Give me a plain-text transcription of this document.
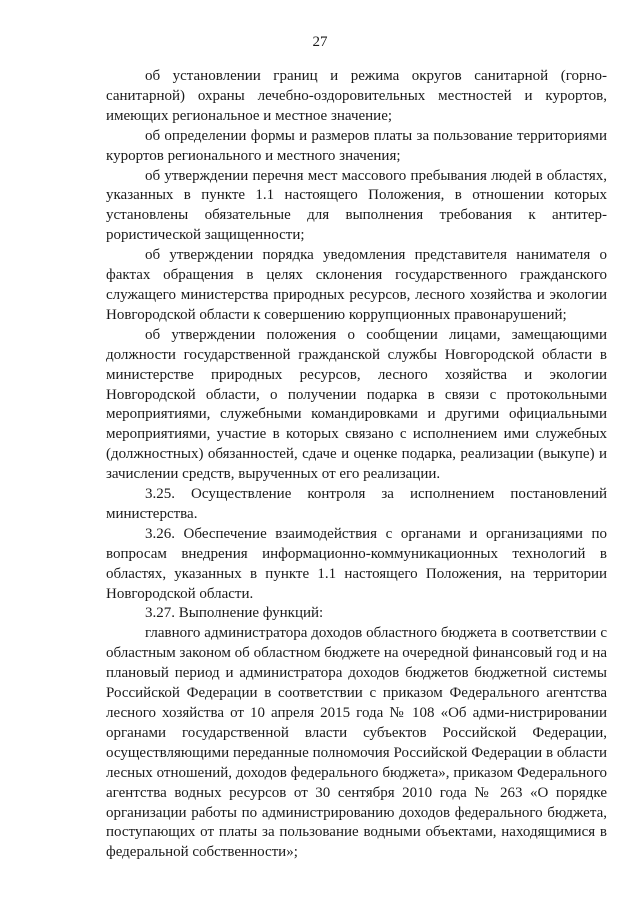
27

об установлении границ и режима округов санитарной (горно-санитарной) охраны лечебно-оздоровительных местностей и курортов, имеющих региональное и местное значение;

об определении формы и размеров платы за пользование территориями курортов регионального и местного значения;

об утверждении перечня мест массового пребывания людей в областях, указанных в пункте 1.1 настоящего Положения, в отношении которых установлены обязательные для выполнения требования к антитер-рористической защищенности;

об утверждении порядка уведомления представителя нанимателя о фактах обращения в целях склонения государственного гражданского служащего министерства природных ресурсов, лесного хозяйства и экологии Новгородской области к совершению коррупционных правонарушений;

об утверждении положения о сообщении лицами, замещающими должности государственной гражданской службы Новгородской области в министерстве природных ресурсов, лесного хозяйства и экологии Новгородской области, о получении подарка в связи с протокольными мероприятиями, служебными командировками и другими официальными мероприятиями, участие в которых связано с исполнением ими служебных (должностных) обязанностей, сдаче и оценке подарка, реализации (выкупе) и зачислении средств, вырученных от его реализации.

3.25. Осуществление контроля за исполнением постановлений министерства.

3.26. Обеспечение взаимодействия с органами и организациями по вопросам внедрения информационно-коммуникационных технологий в областях, указанных в пункте 1.1 настоящего Положения, на территории Новгородской области.

3.27. Выполнение функций:

главного администратора доходов областного бюджета в соответствии с областным законом об областном бюджете на очередной финансовый год и на плановый период и администратора доходов бюджетов бюджетной системы Российской Федерации в соответствии с приказом Федерального агентства лесного хозяйства от 10 апреля 2015 года № 108 «Об адми-нистрировании органами государственной власти субъектов Российской Федерации, осуществляющими переданные полномочия Российской Федерации в области лесных отношений, доходов федерального бюджета», приказом Федерального агентства водных ресурсов от 30 сентября 2010 года № 263 «О порядке организации работы по администрированию доходов федерального бюджета, поступающих от платы за пользование водными объектами, находящимися в федеральной собственности»;
